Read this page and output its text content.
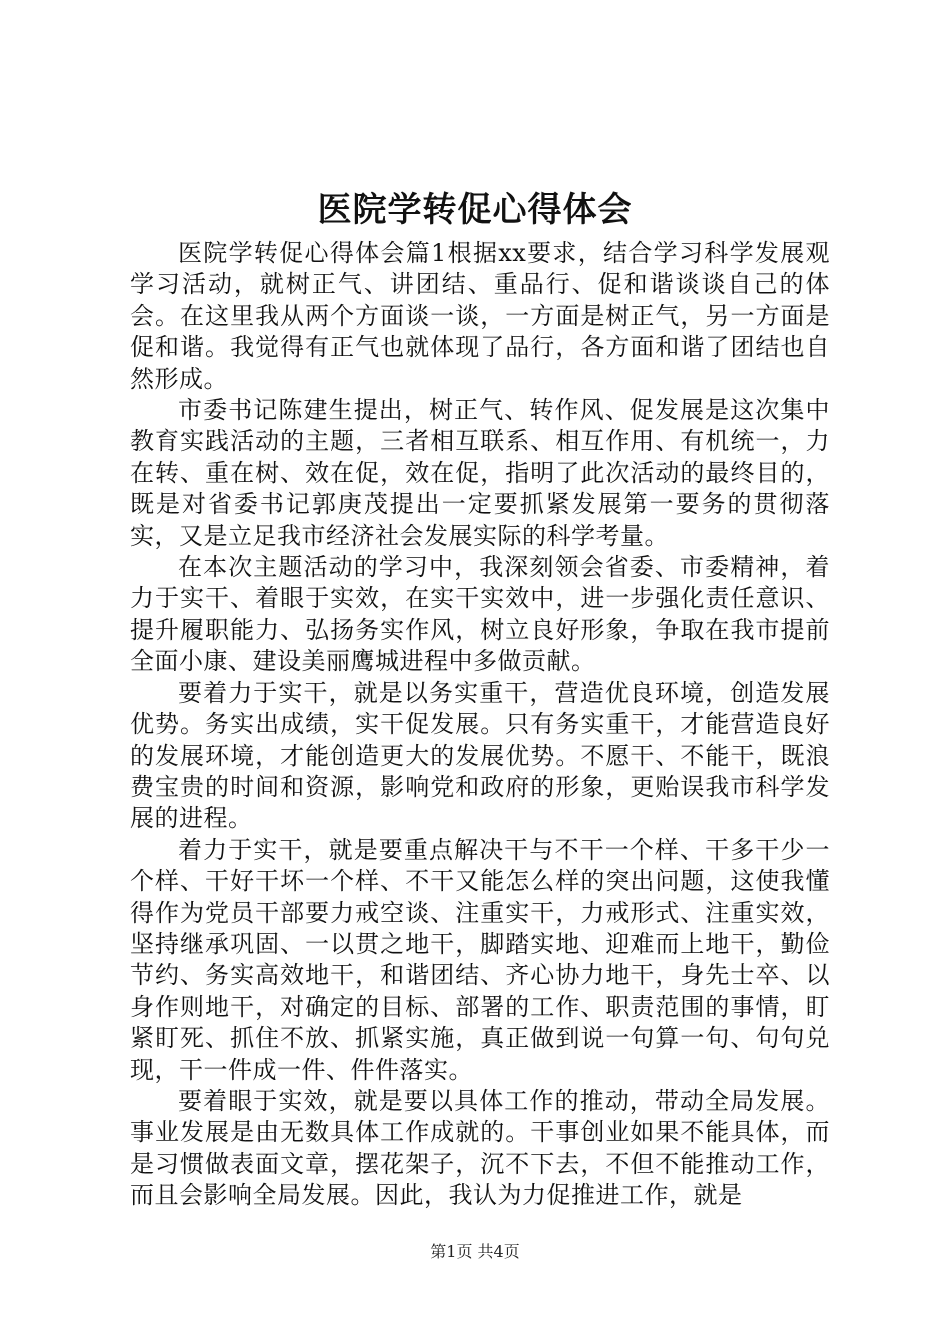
医院学转促心得体会

医院学转促心得体会篇1根据xx要求，结合学习科学发展观学习活动，就树正气、讲团结、重品行、促和谐谈谈自己的体会。在这里我从两个方面谈一谈，一方面是树正气，另一方面是促和谐。我觉得有正气也就体现了品行，各方面和谐了团结也自然形成。

市委书记陈建生提出，树正气、转作风、促发展是这次集中教育实践活动的主题，三者相互联系、相互作用、有机统一，力在转、重在树、效在促，效在促，指明了此次活动的最终目的，既是对省委书记郭庚茂提出一定要抓紧发展第一要务的贯彻落实，又是立足我市经济社会发展实际的科学考量。

在本次主题活动的学习中，我深刻领会省委、市委精神，着力于实干、着眼于实效，在实干实效中，进一步强化责任意识、提升履职能力、弘扬务实作风，树立良好形象，争取在我市提前全面小康、建设美丽鹰城进程中多做贡献。

要着力于实干，就是以务实重干，营造优良环境，创造发展优势。务实出成绩，实干促发展。只有务实重干，才能营造良好的发展环境，才能创造更大的发展优势。不愿干、不能干，既浪费宝贵的时间和资源，影响党和政府的形象，更贻误我市科学发展的进程。

着力于实干，就是要重点解决干与不干一个样、干多干少一个样、干好干坏一个样、不干又能怎么样的突出问题，这使我懂得作为党员干部要力戒空谈、注重实干，力戒形式、注重实效，坚持继承巩固、一以贯之地干，脚踏实地、迎难而上地干，勤俭节约、务实高效地干，和谐团结、齐心协力地干，身先士卒、以身作则地干，对确定的目标、部署的工作、职责范围的事情，盯紧盯死、抓住不放、抓紧实施，真正做到说一句算一句、句句兑现，干一件成一件、件件落实。

要着眼于实效，就是要以具体工作的推动，带动全局发展。事业发展是由无数具体工作成就的。干事创业如果不能具体，而是习惯做表面文章，摆花架子，沉不下去，不但不能推动工作，而且会影响全局发展。因此，我认为力促推进工作，就是

第1页 共4页
